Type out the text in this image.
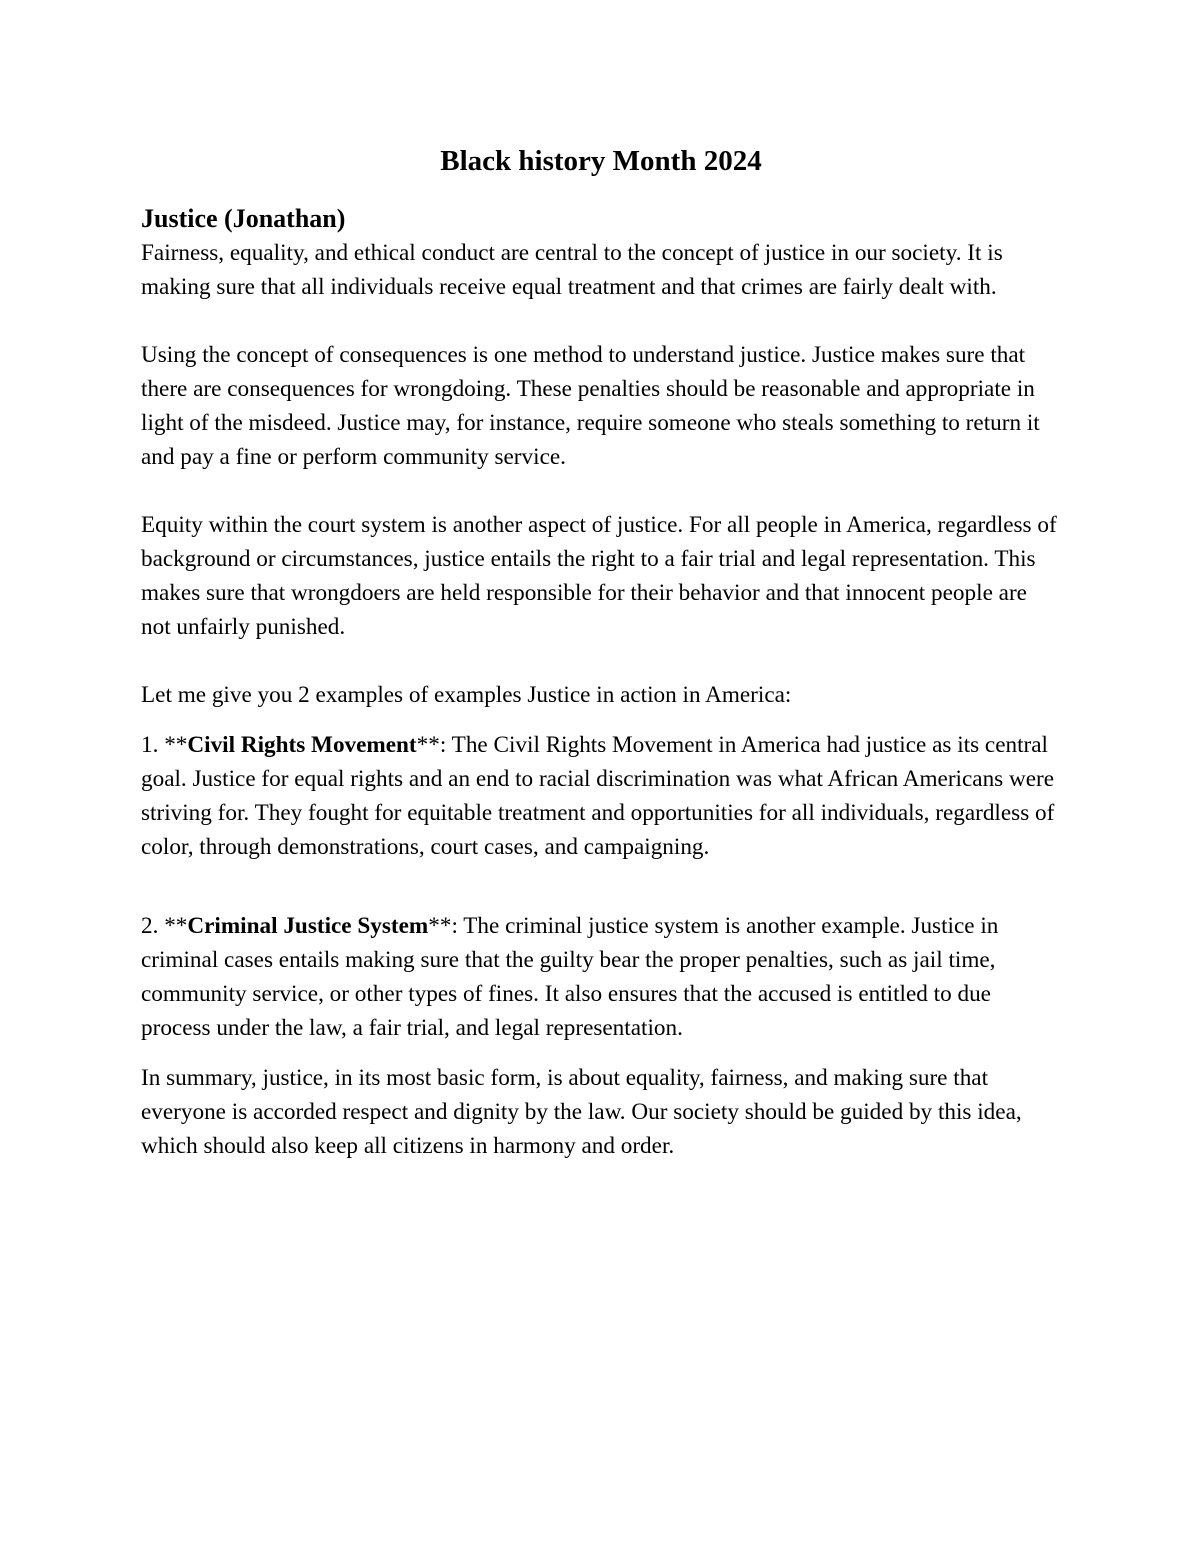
Black history Month 2024
Justice (Jonathan)

Fairness, equality, and ethical conduct are central to the concept of justice in our society. It is making sure that all individuals receive equal treatment and that crimes are fairly dealt with.

Using the concept of consequences is one method to understand justice. Justice makes sure that there are consequences for wrongdoing. These penalties should be reasonable and appropriate in light of the misdeed. Justice may, for instance, require someone who steals something to return it and pay a fine or perform community service.

Equity within the court system is another aspect of justice. For all people in America, regardless of background or circumstances, justice entails the right to a fair trial and legal representation. This makes sure that wrongdoers are held responsible for their behavior and that innocent people are not unfairly punished.

Let me give you 2 examples of examples Justice in action in America:

1. **Civil Rights Movement**: The Civil Rights Movement in America had justice as its central goal. Justice for equal rights and an end to racial discrimination was what African Americans were striving for. They fought for equitable treatment and opportunities for all individuals, regardless of color, through demonstrations, court cases, and campaigning.

2. **Criminal Justice System**: The criminal justice system is another example. Justice in criminal cases entails making sure that the guilty bear the proper penalties, such as jail time, community service, or other types of fines. It also ensures that the accused is entitled to due process under the law, a fair trial, and legal representation.

In summary, justice, in its most basic form, is about equality, fairness, and making sure that everyone is accorded respect and dignity by the law. Our society should be guided by this idea, which should also keep all citizens in harmony and order.
